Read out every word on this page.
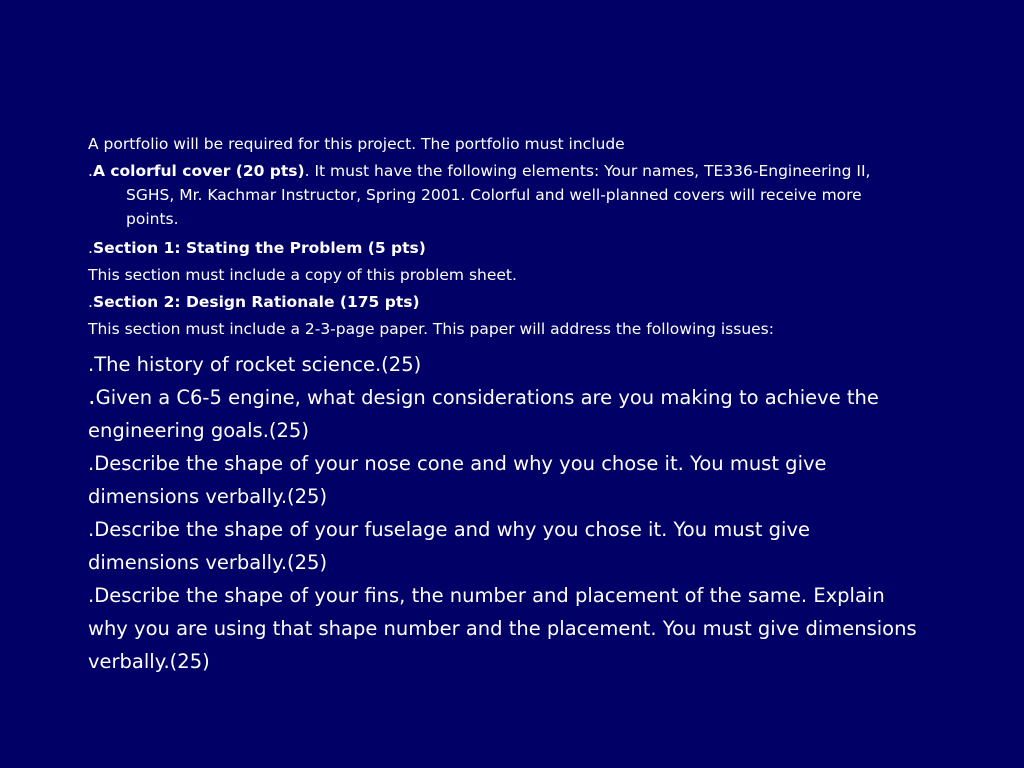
A portfolio will be required for this project. The portfolio must include
.A colorful cover (20 pts). It must have the following elements: Your names, TE336-Engineering II, SGHS, Mr. Kachmar Instructor, Spring 2001. Colorful and well-planned covers will receive more points.
.Section 1: Stating the Problem (5 pts)
This section must include a copy of this problem sheet.
.Section 2: Design Rationale (175 pts)
This section must include a 2-3-page paper. This paper will address the following issues:
.The history of rocket science.(25)
.Given a C6-5 engine, what design considerations are you making to achieve the engineering goals.(25)
.Describe the shape of your nose cone and why you chose it. You must give dimensions verbally.(25)
.Describe the shape of your fuselage and why you chose it. You must give dimensions verbally.(25)
.Describe the shape of your fins, the number and placement of the same. Explain why you are using that shape number and the placement. You must give dimensions verbally.(25)
